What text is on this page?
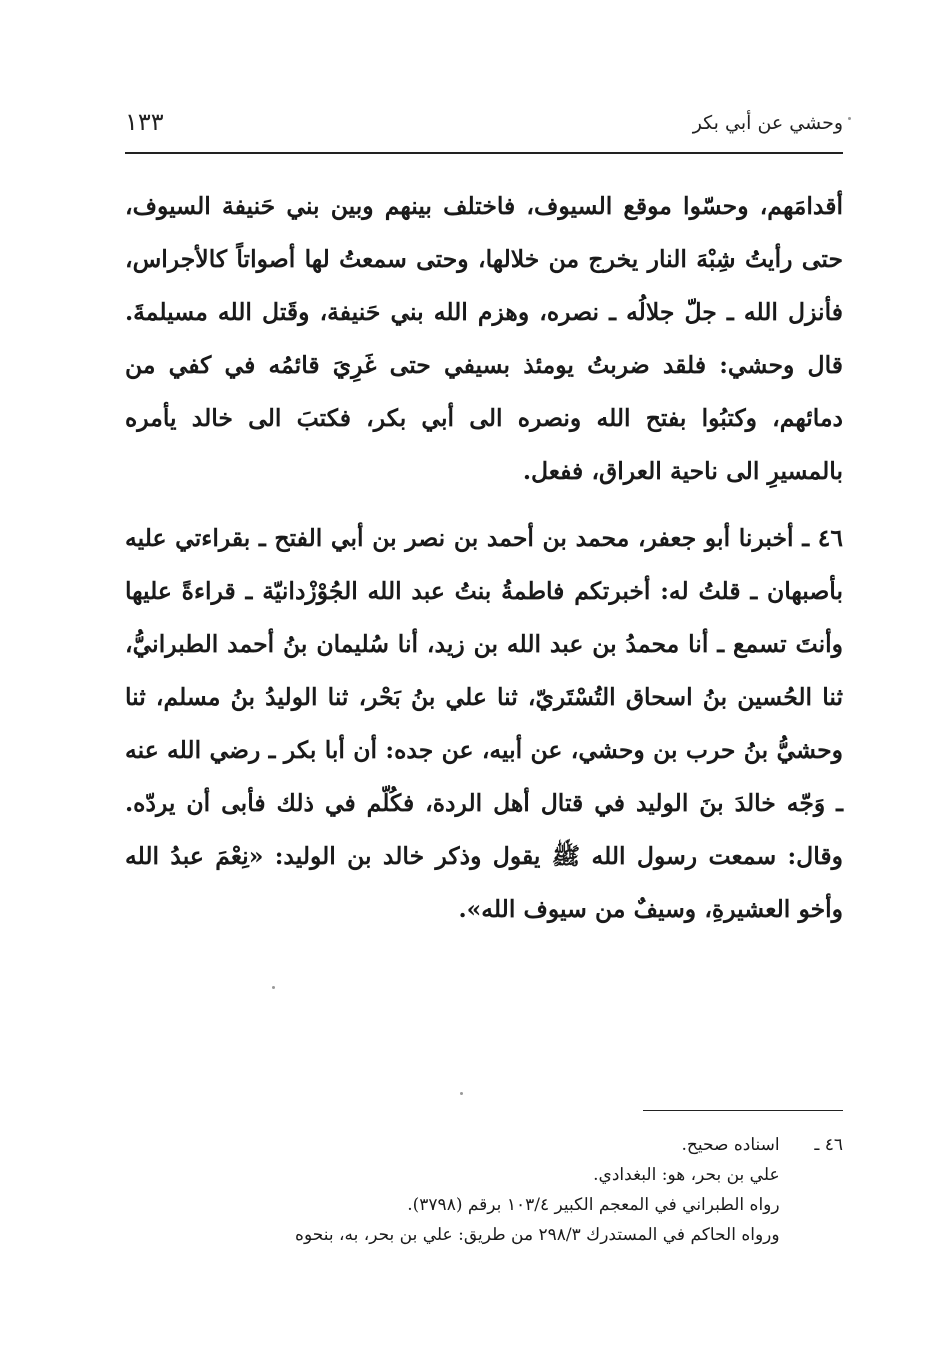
وحشي عن أبي بكر
١٣٣

أقدامَهم، وحسّوا موقع السيوف، فاختلف بينهم وبين بني حَنيفة السيوف، حتى رأيتُ شِبْهَ النار يخرج من خلالها، وحتى سمعتُ لها أصواتاً كالأجراس، فأنزل الله ـ جلّ جلالُه ـ نصره، وهزم الله بني حَنيفة، وقَتل الله مسيلمةَ. قال وحشي: فلقد ضربتُ يومئذ بسيفي حتى غَرِيَ قائمُه في كفي من دمائهم، وكتبُوا بفتح الله ونصره الى أبي بكر، فكتبَ الى خالد يأمره بالمسيرِ الى ناحية العراق، ففعل.

٤٦ ـ أخبرنا أبو جعفر، محمد بن أحمد بن نصر بن أبي الفتح ـ بقراءتي عليه بأصبهان ـ قلتُ له: أخبرتكم فاطمةُ بنتُ عبد الله الجُوْزْدانيّة ـ قراءةً عليها وأنتَ تسمع ـ أنا محمدُ بن عبد الله بن زيد، أنا سُليمان بنُ أحمد الطبرانيُّ، ثنا الحُسين بنُ اسحاق التُسْتَريّ، ثنا علي بنُ بَحْر، ثنا الوليدُ بنُ مسلم، ثنا وحشيُّ بنُ حرب بن وحشي، عن أبيه، عن جده: أن أبا بكر ـ رضي الله عنه ـ وَجّه خالدَ بنَ الوليد في قتال أهل الردة، فكُلّم في ذلك فأبى أن يردّه. وقال: سمعت رسول الله ﷺ يقول وذكر خالد بن الوليد: «نِعْمَ عبدُ الله وأخو العشيرةِ، وسيفٌ من سيوف الله».

٤٦ ـ اسناده صحيح.

علي بن بحر، هو: البغدادي.

رواه الطبراني في المعجم الكبير ١٠٣/٤ برقم (٣٧٩٨).

ورواه الحاكم في المستدرك ٢٩٨/٣ من طريق: علي بن بحر، به، بنحوه
